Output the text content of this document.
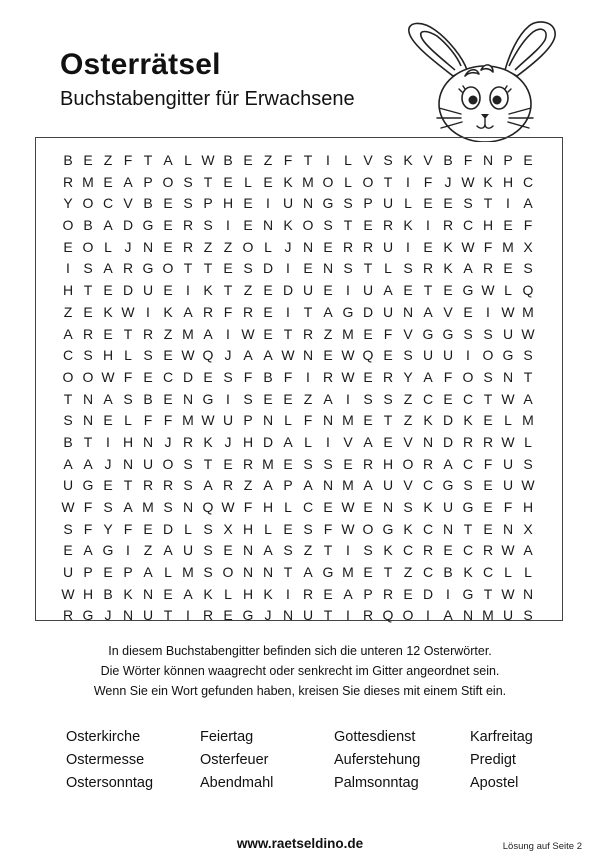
Osterrätsel
Buchstabengitter für Erwachsene
B E Z F T A L W B E Z F T I	L V S K V B F N P E
R M E A P O S T E L E K M O L O T I F J W K H C
Y O C V B E S P H E I U N G S P U L E E S T I A
O B A D G E R S I E N K O S T E R K I R C H E F
E O L J N E R Z Z O L J N E R R U I E K W F M X
I S A R G O T T E S D I E N S T L S R K A R E S
H T E D U E I K T Z E D U E I U A E T E G W L Q
Z E K W I K A R F R E I T A G D U N A V E I W M
A R E T R Z M A I W E T R Z M E F V G G S S U W
C S H L S E W Q J A A W N E W Q E S U U I O G S
O O W F E C D E S F B F I R W E R Y A F O S N T
T N A S B E N G I S E E Z A I S S Z C E C T W A
S N E L F F M W U P N L F N M E T Z K D K E L M
B T I H N J R K J H D A L	I V A E V N D R R W L
A A J N U O S T E R M E S S E R H O R A C F U S
U G E T R R S A R Z A P A N M A U V C G S E U W
W F S A M S N Q W F H L C E W E N S K U G E F H
S F Y F E D L S X H L E S F W O G K C N T E N X
E A G I Z A U S E N A S Z T I S K C R E C R W A
U P E P A L M S O N N T A G M E T Z C B K C L L
W H B K N E A K L H K I R E A P R E D I G T W N
R G J N U T I R E G J N U T I R Q O I A N M U S

In diesem Buchstabengitter befinden sich die unteren 12 Osterwörter.

Die Wörter können waagrecht oder senkrecht im Gitter angeordnet sein.

Wenn Sie ein Wort gefunden haben, kreisen Sie dieses mit einem Stift ein.

Osterkirche	Feiertag	Gottesdienst	Karfreitag
Ostermesse	Osterfeuer	Auferstehung	Predigt
Ostersonntag	Abendmahl	Palmsonntag	Apostel
www.raetseldino.de	Lösung auf Seite 2
